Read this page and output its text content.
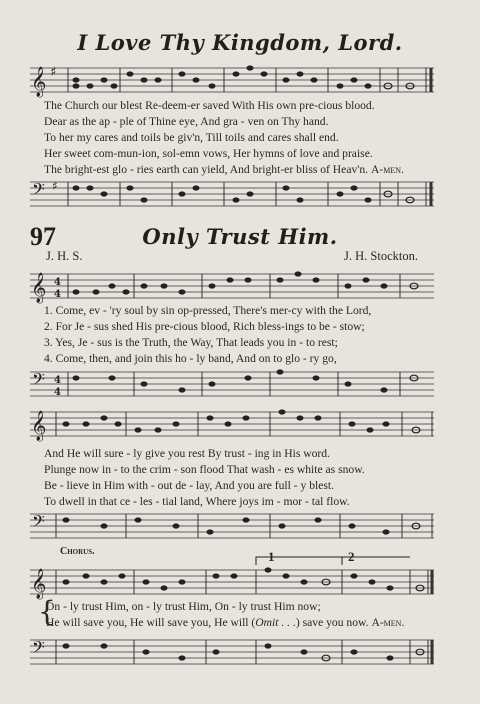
I Love Thy Kingdom, Lord.
𝄞 ♯
The Church our blest Re-deem-er saved With His own pre-cious blood.
Dear as the ap - ple of Thine eye, And gra - ven on Thy hand.
To her my cares and toils be giv'n, Till toils and cares shall end.
Her sweet com-mun-ion, sol-emn vows, Her hymns of love and praise.
The bright-est glo - ries earth can yield, And bright-er bliss of Heav'n. A-men.
𝄢 ♯
97	Only Trust Him.
J. H. S.	J. H. Stockton.
𝄞 4
4
1. Come, ev - 'ry soul by sin op-pressed, There's mer-cy with the Lord,
2. For Je - sus shed His pre-cious blood, Rich bless-ings to be - stow;
3. Yes, Je - sus is the Truth, the Way, That leads you in - to rest;
4. Come, then, and join this ho - ly band, And on to glo - ry go,
𝄢 4
4
𝄞
And He will sure - ly give you rest By trust - ing in His word.
Plunge now in - to the crim - son flood That wash - es white as snow.
Be - lieve in Him with - out de - lay, And you are full - y blest.
To dwell in that ce - les - tial land, Where joys im - mor - tal flow.
𝄢
Chorus.	1	2
𝄞
{
On - ly trust Him, on - ly trust Him, On - ly trust Him now;
He will save you, He will save you, He will (Omit . . .) save you now. A-men.
𝄢
